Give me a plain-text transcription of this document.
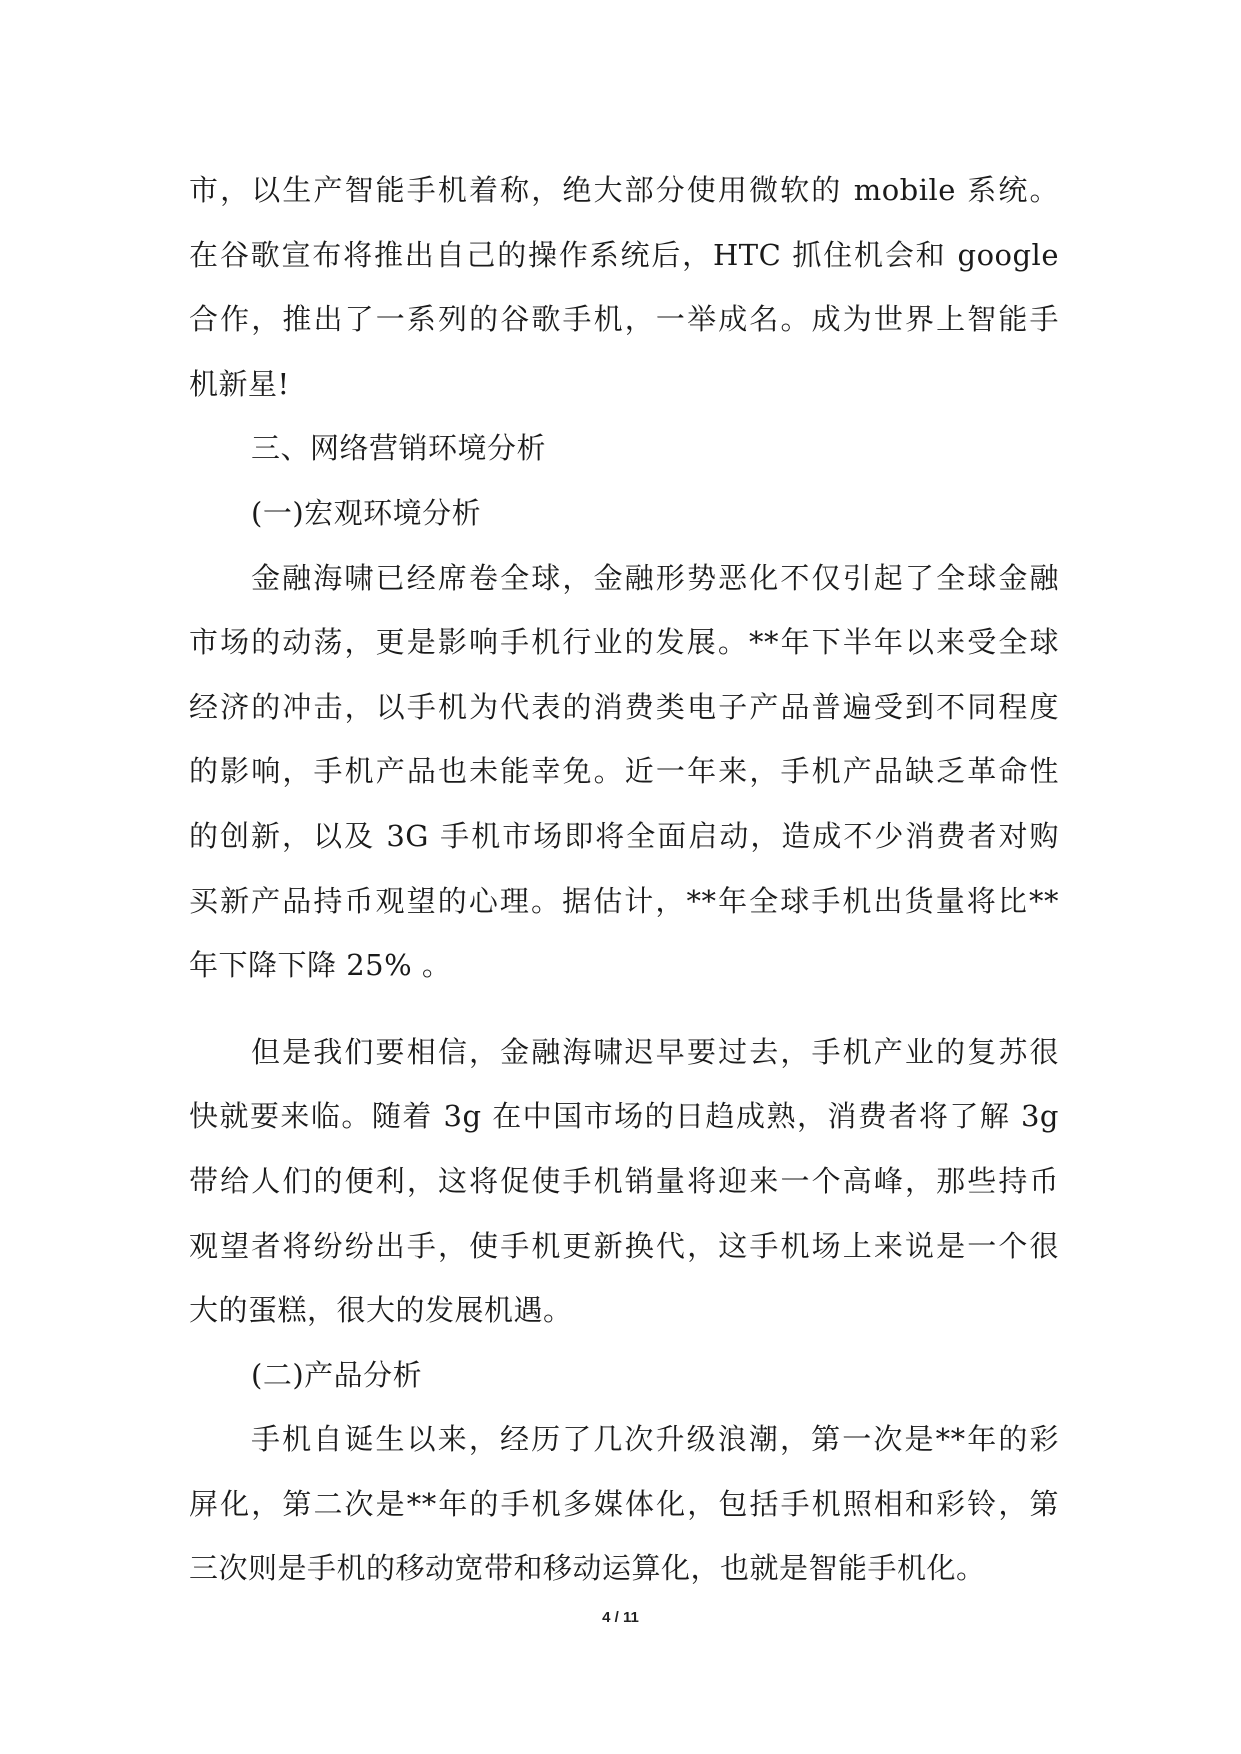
市，以生产智能手机着称，绝大部分使用微软的 mobile 系统。
在谷歌宣布将推出自己的操作系统后，HTC 抓住机会和 google
合作，推出了一系列的谷歌手机，一举成名。成为世界上智能手
机新星!
三、网络营销环境分析
(一)宏观环境分析
金融海啸已经席卷全球，金融形势恶化不仅引起了全球金融
市场的动荡，更是影响手机行业的发展。**年下半年以来受全球
经济的冲击，以手机为代表的消费类电子产品普遍受到不同程度
的影响，手机产品也未能幸免。近一年来，手机产品缺乏革命性
的创新，以及 3G 手机市场即将全面启动，造成不少消费者对购
买新产品持币观望的心理。据估计，**年全球手机出货量将比**
年下降下降 25% 。
但是我们要相信，金融海啸迟早要过去，手机产业的复苏很
快就要来临。随着 3g 在中国市场的日趋成熟，消费者将了解 3g
带给人们的便利，这将促使手机销量将迎来一个高峰，那些持币
观望者将纷纷出手，使手机更新换代，这手机场上来说是一个很
大的蛋糕，很大的发展机遇。
(二)产品分析
手机自诞生以来，经历了几次升级浪潮，第一次是**年的彩
屏化，第二次是**年的手机多媒体化，包括手机照相和彩铃，第
三次则是手机的移动宽带和移动运算化，也就是智能手机化。
4 / 11
